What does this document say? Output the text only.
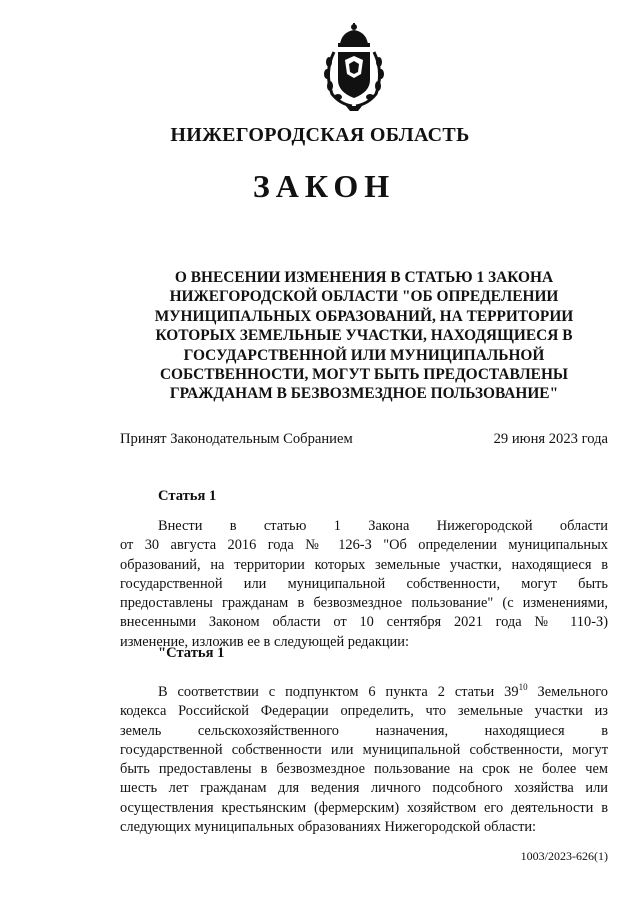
НИЖЕГОРОДСКАЯ ОБЛАСТЬ
ЗАКОН
О ВНЕСЕНИИ ИЗМЕНЕНИЯ В СТАТЬЮ 1 ЗАКОНА
НИЖЕГОРОДСКОЙ ОБЛАСТИ "ОБ ОПРЕДЕЛЕНИИ
МУНИЦИПАЛЬНЫХ ОБРАЗОВАНИЙ, НА ТЕРРИТОРИИ
КОТОРЫХ ЗЕМЕЛЬНЫЕ УЧАСТКИ, НАХОДЯЩИЕСЯ В
ГОСУДАРСТВЕННОЙ ИЛИ МУНИЦИПАЛЬНОЙ
СОБСТВЕННОСТИ, МОГУТ БЫТЬ ПРЕДОСТАВЛЕНЫ
ГРАЖДАНАМ В БЕЗВОЗМЕЗДНОЕ ПОЛЬЗОВАНИЕ"
Принят Законодательным Собранием	29 июня 2023 года
Статья 1
Внести в статью 1 Закона Нижегородской области
от 30 августа 2016 года № 126-З "Об определении муниципальных
образований, на территории которых земельные участки, находящиеся в
государственной или муниципальной собственности, могут быть
предоставлены гражданам в безвозмездное пользование" (с изменениями,
внесенными Законом области от 10 сентября 2021 года № 110-З)
изменение, изложив ее в следующей редакции:
"Статья 1
В соответствии с подпунктом 6 пункта 2 статьи $39^{10}$ Земельного
кодекса Российской Федерации определить, что земельные участки из
земель сельскохозяйственного назначения, находящиеся в
государственной собственности или муниципальной собственности, могут
быть предоставлены в безвозмездное пользование на срок не более чем
шесть лет гражданам для ведения личного подсобного хозяйства или
осуществления крестьянским (фермерским) хозяйством его деятельности в
следующих муниципальных образованиях Нижегородской области:
1003/2023-626(1)
